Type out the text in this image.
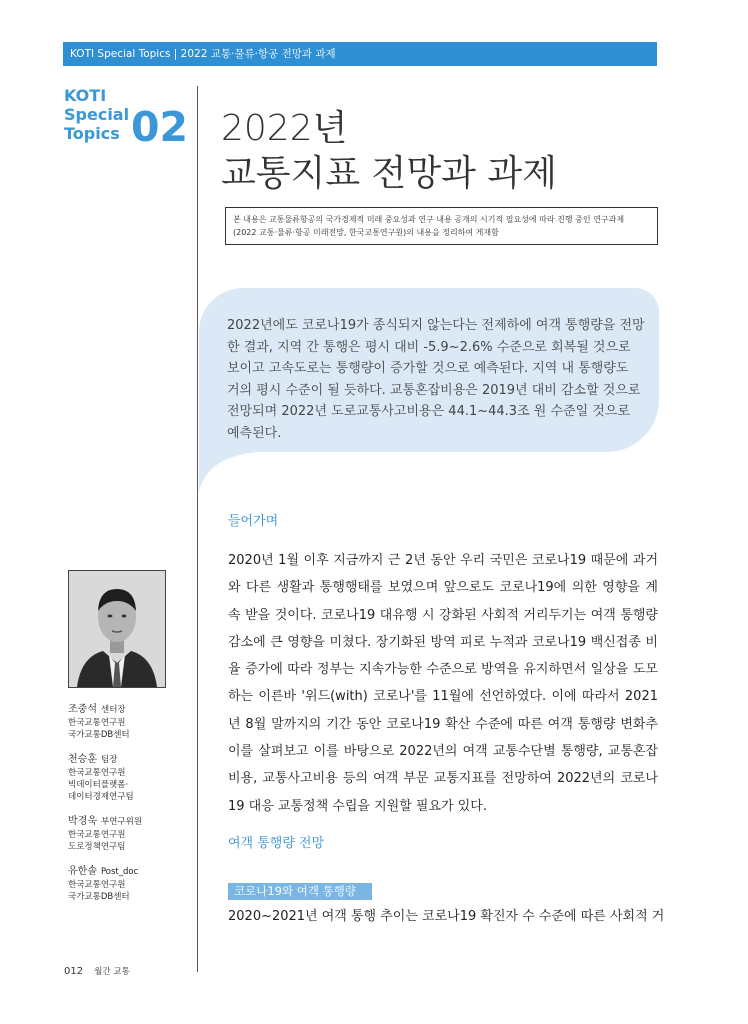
KOTI Special Topics | 2022 교통·물류·항공 전망과 과제
KOTI
Special
Topics 02 2022년
교통지표 전망과 과제
본 내용은 교통물류항공의 국가경제적 미래 중요성과 연구 내용 공개의 시기적 필요성에 따라 진행 중인 연구과제
(2022 교통·물류·항공 미래전망, 한국교통연구원)의 내용을 정리하여 게재함
2022년에도 코로나19가 종식되지 않는다는 전제하에 여객 통행량을 전망한 결과, 지역 간 통행은 평시 대비 -5.9~2.6% 수준으로 회복될 것으로 보이고 고속도로는 통행량이 증가할 것으로 예측된다. 지역 내 통행량도 거의 평시 수준이 될 듯하다. 교통혼잡비용은 2019년 대비 감소할 것으로 전망되며 2022년 도로교통사고비용은 44.1~44.3조 원 수준일 것으로 예측된다.
들어가며

2020년 1월 이후 지금까지 근 2년 동안 우리 국민은 코로나19 때문에 과거와 다른 생활과 통행행태를 보였으며 앞으로도 코로나19에 의한 영향을 계속 받을 것이다. 코로나19 대유행 시 강화된 사회적 거리두기는 여객 통행량 감소에 큰 영향을 미쳤다. 장기화된 방역 피로 누적과 코로나19 백신접종 비율 증가에 따라 정부는 지속가능한 수준으로 방역을 유지하면서 일상을 도모하는 이른바 '위드(with) 코로나'를 11월에 선언하였다. 이에 따라서 2021년 8월 말까지의 기간 동안 코로나19 확산 수준에 따른 여객 통행량 변화추이를 살펴보고 이를 바탕으로 2022년의 여객 교통수단별 통행량, 교통혼잡비용, 교통사고비용 등의 여객 부문 교통지표를 전망하여 2022년의 코로나19 대응 교통정책 수립을 지원할 필요가 있다.

여객 통행량 전망
코로나19와 여객 통행량
2020~2021년 여객 통행 추이는 코로나19 확진자 수 수준에 따른 사회적 거
조중석 센터장
한국교통연구원
국가교통DB센터
천승훈 팀장
한국교통연구원
빅데이터플랫폼·
데이터경제연구팀
박경욱 부연구위원
한국교통연구원
도로정책연구팀
유한솔 Post_doc
한국교통연구원
국가교통DB센터
012 월간 교통
